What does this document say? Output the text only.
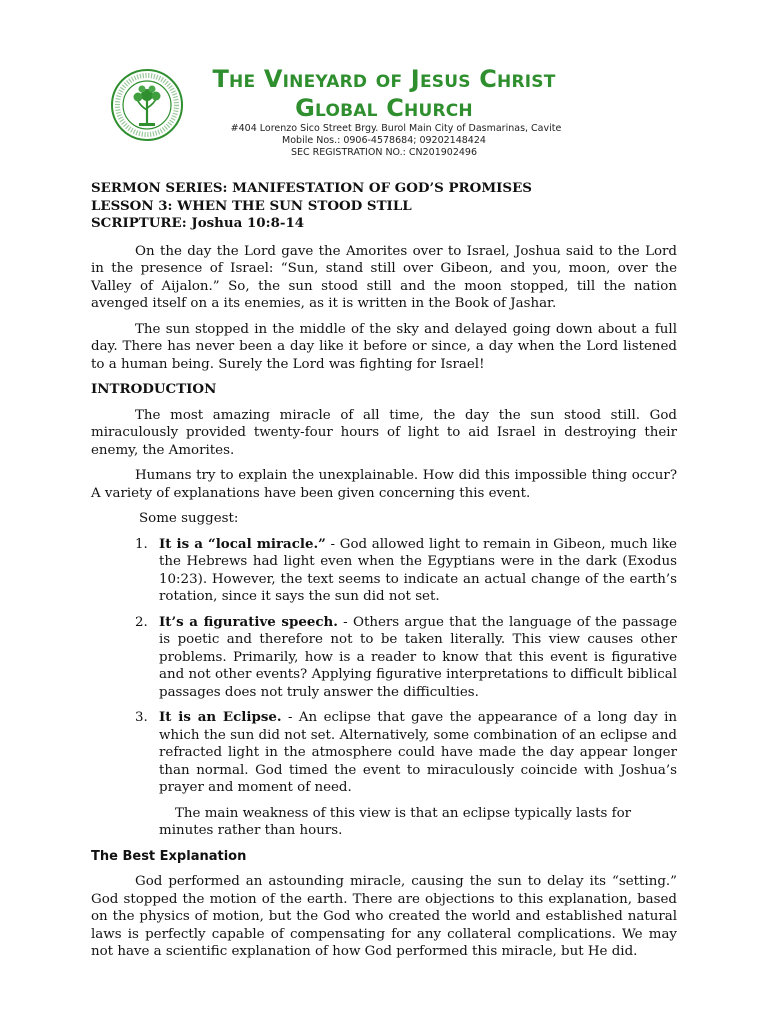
The Vineyard of Jesus Christ
Global Church
#404 Lorenzo Sico Street Brgy. Burol Main City of Dasmarinas, Cavite
Mobile Nos.: 0906-4578684; 09202148424
SEC REGISTRATION NO.: CN201902496

SERMON SERIES: MANIFESTATION OF GOD’S PROMISES

LESSON 3: WHEN THE SUN STOOD STILL

SCRIPTURE: Joshua 10:8-14

On the day the Lord gave the Amorites over to Israel, Joshua said to the Lord in the presence of Israel: “Sun, stand still over Gibeon, and you, moon, over the Valley of Aijalon.” So, the sun stood still and the moon stopped, till the nation avenged itself on a its enemies, as it is written in the Book of Jashar.

The sun stopped in the middle of the sky and delayed going down about a full day. There has never been a day like it before or since, a day when the Lord listened to a human being. Surely the Lord was fighting for Israel!

INTRODUCTION

The most amazing miracle of all time, the day the sun stood still. God miraculously provided twenty-four hours of light to aid Israel in destroying their enemy, the Amorites.

Humans try to explain the unexplainable. How did this impossible thing occur? A variety of explanations have been given concerning this event.

Some suggest:

1. It is a “local miracle.” - God allowed light to remain in Gibeon, much like the Hebrews had light even when the Egyptians were in the dark (Exodus 10:23). However, the text seems to indicate an actual change of the earth’s rotation, since it says the sun did not set.
2. It’s a figurative speech. - Others argue that the language of the passage is poetic and therefore not to be taken literally. This view causes other problems. Primarily, how is a reader to know that this event is figurative and not other events? Applying figurative interpretations to difficult biblical passages does not truly answer the difficulties.
3. It is an Eclipse. - An eclipse that gave the appearance of a long day in which the sun did not set. Alternatively, some combination of an eclipse and refracted light in the atmosphere could have made the day appear longer than normal. God timed the event to miraculously coincide with Joshua’s prayer and moment of need.

The main weakness of this view is that an eclipse typically lasts for minutes rather than hours.

The Best Explanation

God performed an astounding miracle, causing the sun to delay its “setting.” God stopped the motion of the earth. There are objections to this explanation, based on the physics of motion, but the God who created the world and established natural laws is perfectly capable of compensating for any collateral complications. We may not have a scientific explanation of how God performed this miracle, but He did.
